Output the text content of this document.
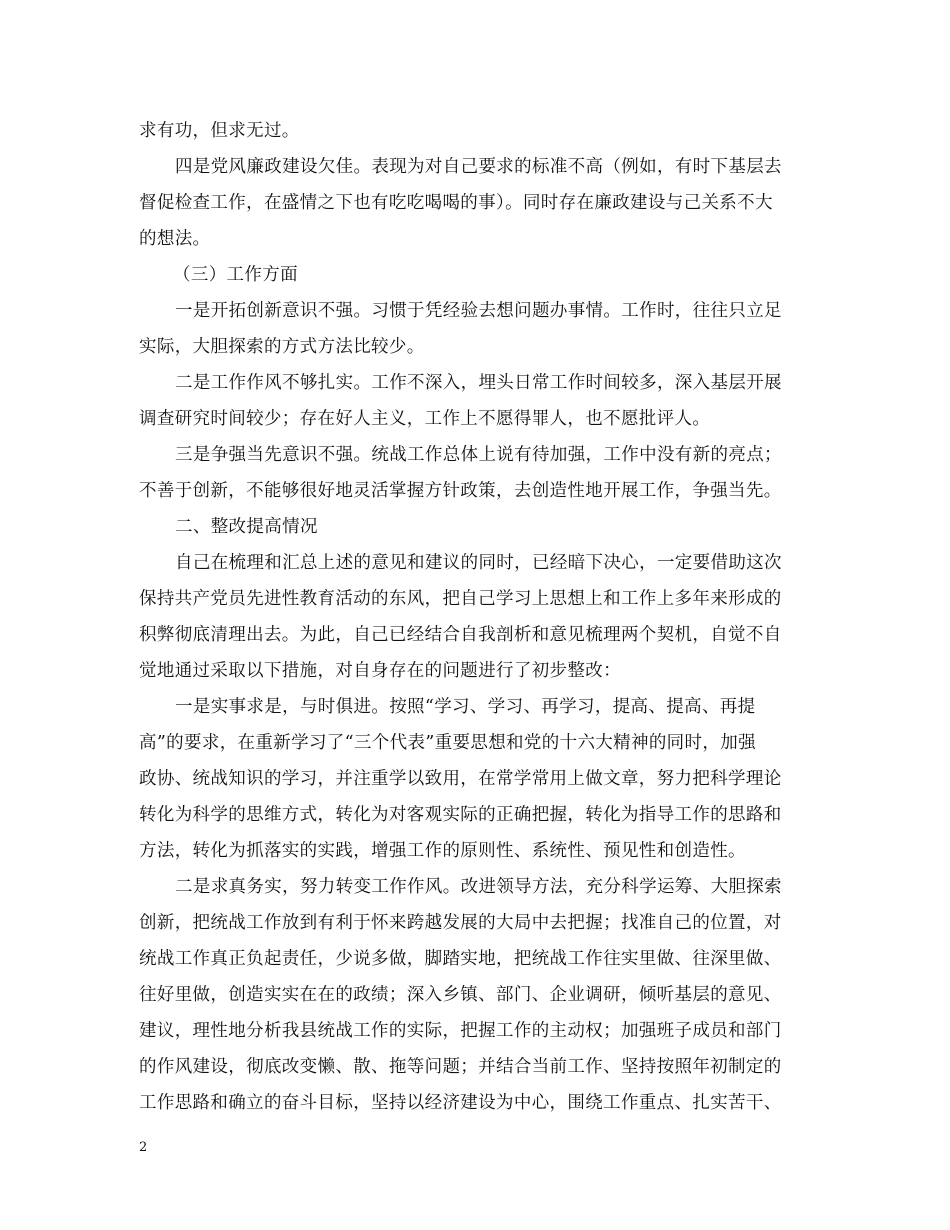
求有功，但求无过。
四是党风廉政建设欠佳。表现为对自己要求的标准不高（例如，有时下基层去
督促检查工作，在盛情之下也有吃吃喝喝的事）。同时存在廉政建设与己关系不大
的想法。
（三）工作方面
一是开拓创新意识不强。习惯于凭经验去想问题办事情。工作时，往往只立足
实际，大胆探索的方式方法比较少。
二是工作作风不够扎实。工作不深入，埋头日常工作时间较多，深入基层开展
调查研究时间较少；存在好人主义，工作上不愿得罪人，也不愿批评人。
三是争强当先意识不强。统战工作总体上说有待加强，工作中没有新的亮点；
不善于创新，不能够很好地灵活掌握方针政策，去创造性地开展工作，争强当先。
二、整改提高情况
自己在梳理和汇总上述的意见和建议的同时，已经暗下决心，一定要借助这次
保持共产党员先进性教育活动的东风，把自己学习上思想上和工作上多年来形成的
积弊彻底清理出去。为此，自己已经结合自我剖析和意见梳理两个契机，自觉不自
觉地通过采取以下措施，对自身存在的问题进行了初步整改：
一是实事求是，与时俱进。按照“学习、学习、再学习，提高、提高、再提
高”的要求，在重新学习了“三个代表”重要思想和党的十六大精神的同时，加强
政协、统战知识的学习，并注重学以致用，在常学常用上做文章，努力把科学理论
转化为科学的思维方式，转化为对客观实际的正确把握，转化为指导工作的思路和
方法，转化为抓落实的实践，增强工作的原则性、系统性、预见性和创造性。
二是求真务实，努力转变工作作风。改进领导方法，充分科学运筹、大胆探索
创新，把统战工作放到有利于怀来跨越发展的大局中去把握；找准自己的位置，对
统战工作真正负起责任，少说多做，脚踏实地，把统战工作往实里做、往深里做、
往好里做，创造实实在在的政绩；深入乡镇、部门、企业调研，倾听基层的意见、
建议，理性地分析我县统战工作的实际，把握工作的主动权；加强班子成员和部门
的作风建设，彻底改变懒、散、拖等问题；并结合当前工作、坚持按照年初制定的
工作思路和确立的奋斗目标，坚持以经济建设为中心，围绕工作重点、扎实苦干、
2
